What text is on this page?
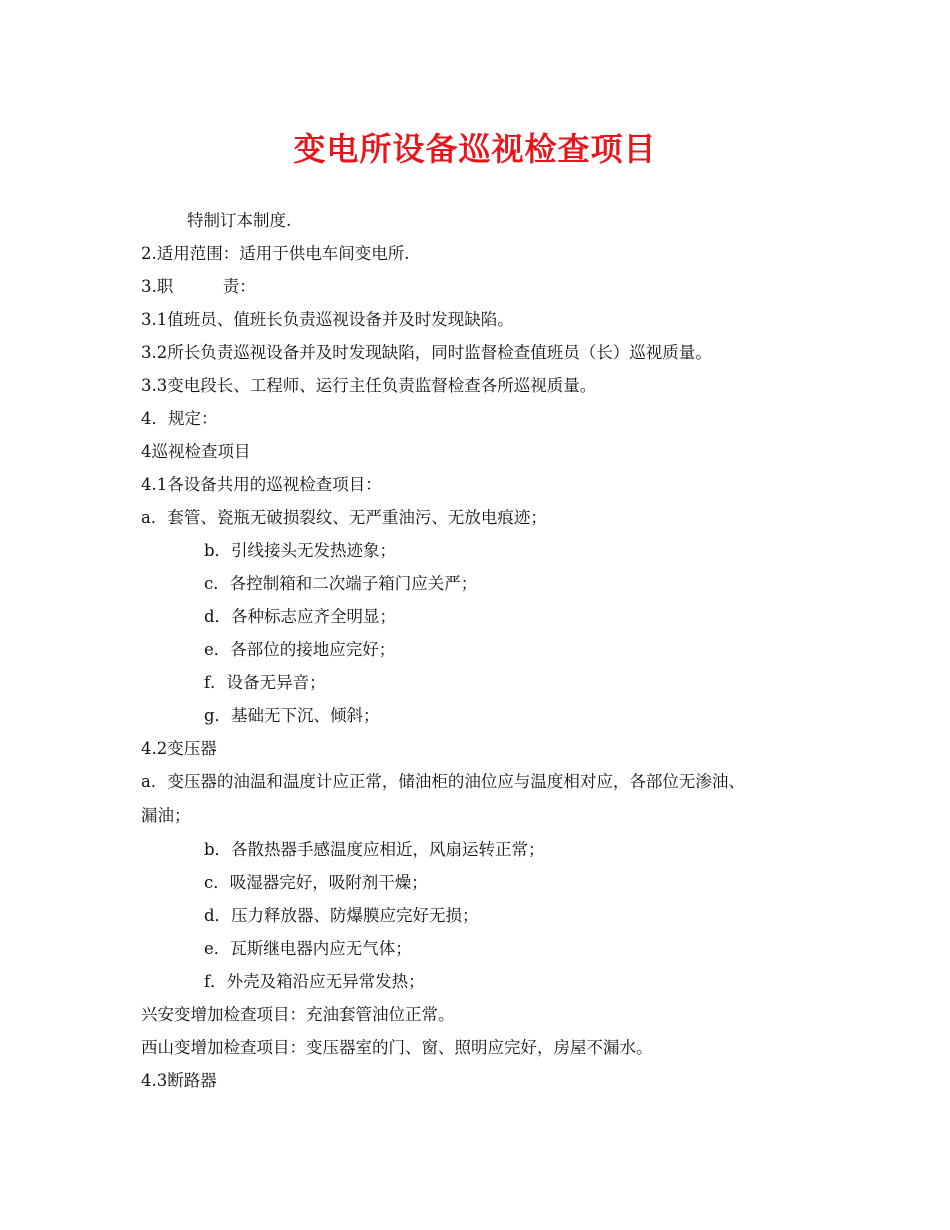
变电所设备巡视检查项目
特制订本制度.
2.适用范围：适用于供电车间变电所.
3.职　　　责：
3.1值班员、值班长负责巡视设备并及时发现缺陷。
3.2所长负责巡视设备并及时发现缺陷，同时监督检查值班员（长）巡视质量。
3.3变电段长、工程师、运行主任负责监督检查各所巡视质量。
4．规定：
4巡视检查项目
4.1各设备共用的巡视检查项目：
a．套管、瓷瓶无破损裂纹、无严重油污、无放电痕迹；
b．引线接头无发热迹象；
c．各控制箱和二次端子箱门应关严；
d．各种标志应齐全明显；
e．各部位的接地应完好；
f．设备无异音；
g．基础无下沉、倾斜；
4.2变压器
a．变压器的油温和温度计应正常，储油柜的油位应与温度相对应，各部位无渗油、
漏油；
b．各散热器手感温度应相近，风扇运转正常；
c．吸湿器完好，吸附剂干燥；
d．压力释放器、防爆膜应完好无损；
e．瓦斯继电器内应无气体；
f．外壳及箱沿应无异常发热；
兴安变增加检查项目：充油套管油位正常。
西山变增加检查项目：变压器室的门、窗、照明应完好，房屋不漏水。
4.3断路器
